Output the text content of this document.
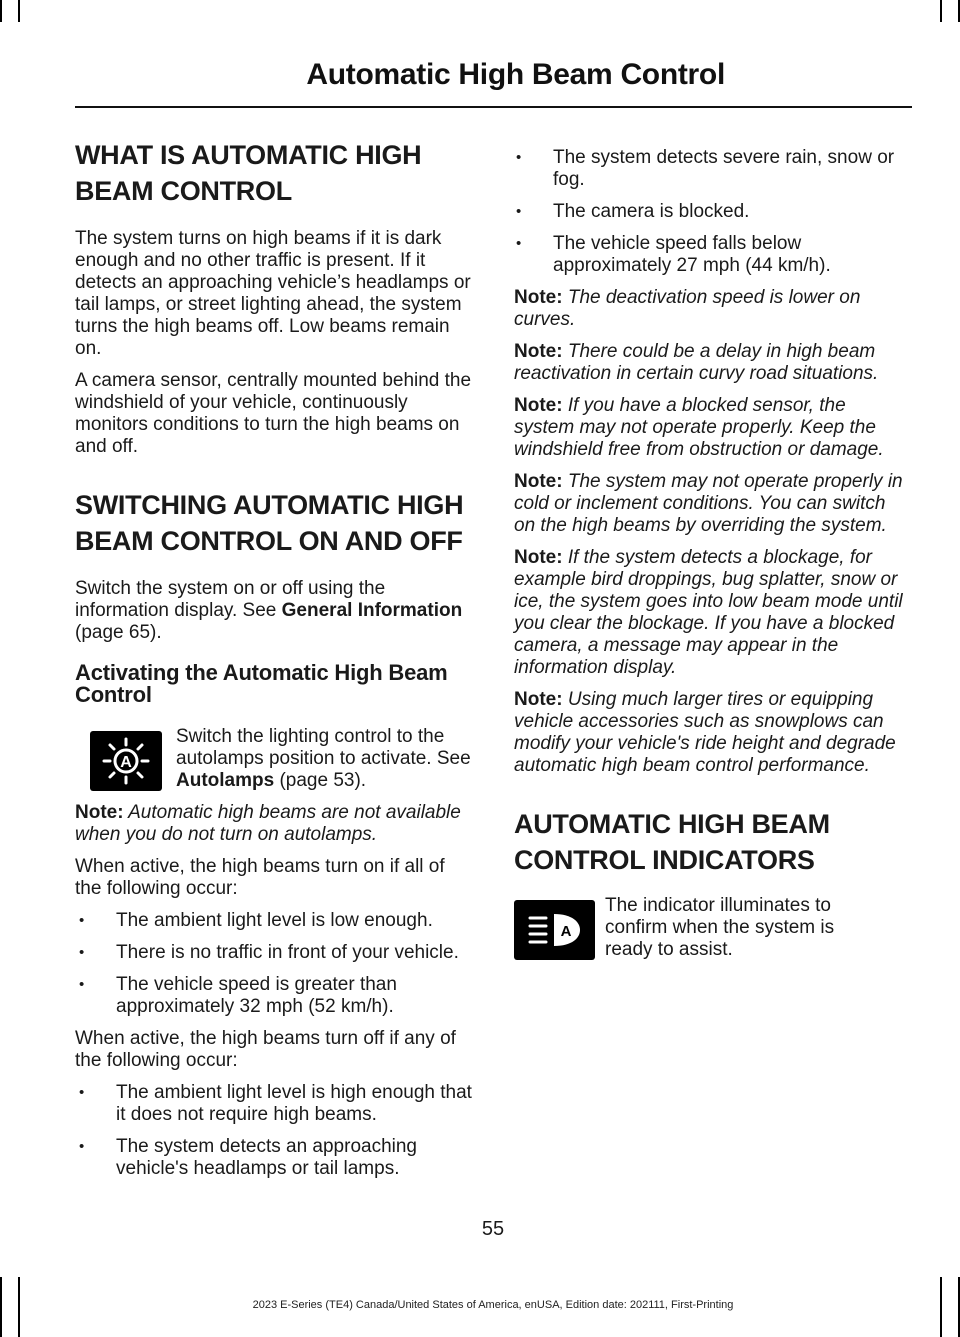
Automatic High Beam Control
WHAT IS AUTOMATIC HIGH
BEAM CONTROL

The system turns on high beams if it is dark enough and no other traffic is present. If it detects an approaching vehicle’s headlamps or tail lamps, or street lighting ahead, the system turns the high beams off. Low beams remain on.

A camera sensor, centrally mounted behind the windshield of your vehicle, continuously monitors conditions to turn the high beams on and off.

SWITCHING AUTOMATIC HIGH
BEAM CONTROL ON AND OFF

Switch the system on or off using the information display. See General Information (page 65).

Activating the Automatic High Beam Control
A

Switch the lighting control to the autolamps position to activate. See Autolamps (page 53).

Note: Automatic high beams are not available when you do not turn on autolamps.

When active, the high beams turn on if all of the following occur:

• The ambient light level is low enough.
• There is no traffic in front of your vehicle.
• The vehicle speed is greater than approximately 32 mph (52 km/h).

When active, the high beams turn off if any of the following occur:

• The ambient light level is high enough that it does not require high beams.
• The system detects an approaching vehicle's headlamps or tail lamps.
• The system detects severe rain, snow or fog.
• The camera is blocked.
• The vehicle speed falls below approximately 27 mph (44 km/h).

Note: The deactivation speed is lower on curves.

Note: There could be a delay in high beam reactivation in certain curvy road situations.

Note: If you have a blocked sensor, the system may not operate properly. Keep the windshield free from obstruction or damage.

Note: The system may not operate properly in cold or inclement conditions. You can switch on the high beams by overriding the system.

Note: If the system detects a blockage, for example bird droppings, bug splatter, snow or ice, the system goes into low beam mode until you clear the blockage. If you have a blocked camera, a message may appear in the information display.

Note: Using much larger tires or equipping vehicle accessories such as snowplows can modify your vehicle's ride height and degrade automatic high beam control performance.

AUTOMATIC HIGH BEAM
CONTROL INDICATORS
A

The indicator illuminates to confirm when the system is ready to assist.

55
2023 E-Series (TE4) Canada/United States of America, enUSA, Edition date: 202111, First-Printing
